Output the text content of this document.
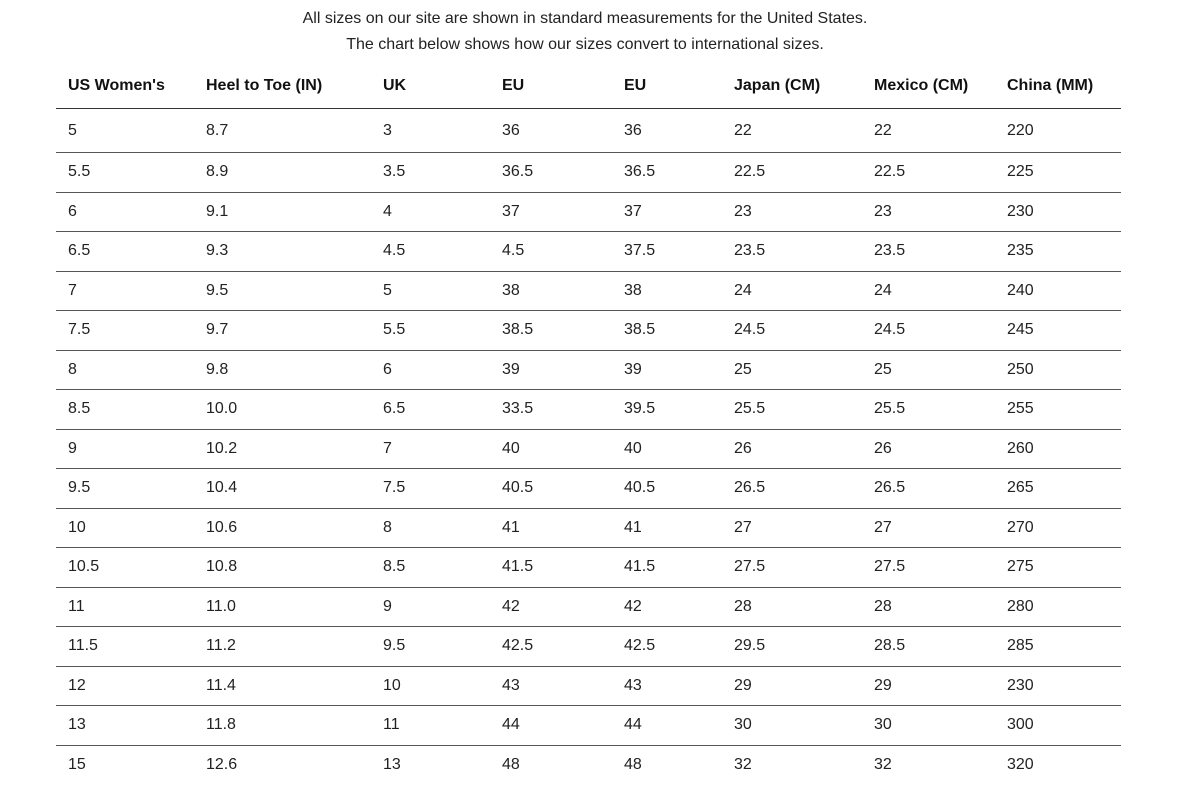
All sizes on our site are shown in standard measurements for the United States.

The chart below shows how our sizes convert to international sizes.

US Women's	Heel to Toe (IN)	UK	EU	EU	Japan (CM)	Mexico (CM)	China (MM)
5	8.7	3	36	36	22	22	220
5.5	8.9	3.5	36.5	36.5	22.5	22.5	225
6	9.1	4	37	37	23	23	230
6.5	9.3	4.5	4.5	37.5	23.5	23.5	235
7	9.5	5	38	38	24	24	240
7.5	9.7	5.5	38.5	38.5	24.5	24.5	245
8	9.8	6	39	39	25	25	250
8.5	10.0	6.5	33.5	39.5	25.5	25.5	255
9	10.2	7	40	40	26	26	260
9.5	10.4	7.5	40.5	40.5	26.5	26.5	265
10	10.6	8	41	41	27	27	270
10.5	10.8	8.5	41.5	41.5	27.5	27.5	275
11	11.0	9	42	42	28	28	280
11.5	11.2	9.5	42.5	42.5	29.5	28.5	285
12	11.4	10	43	43	29	29	230
13	11.8	11	44	44	30	30	300
15	12.6	13	48	48	32	32	320
